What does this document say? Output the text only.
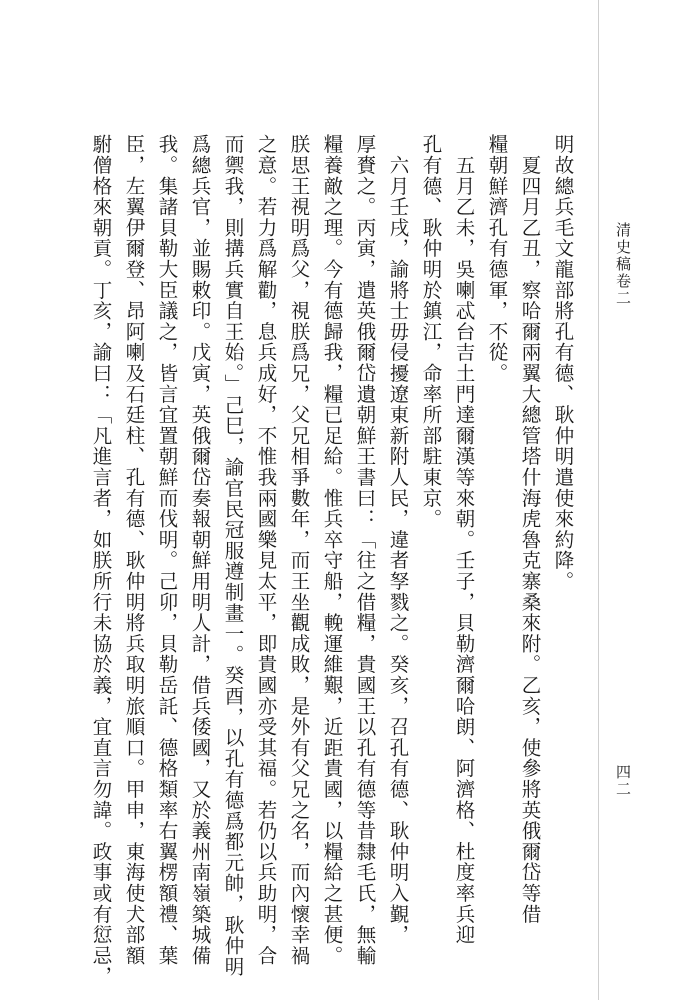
清史稿卷二
四二
明故總兵毛文龍部將孔有德、耿仲明遣使來約降。
　夏四月乙丑，察哈爾兩翼大總管塔什海虎魯克寨桑來附。乙亥，使參將英俄爾岱等借
糧朝鮮濟孔有德軍，不從。
　五月乙未，吳喇忒台吉土門達爾漢等來朝。壬子，貝勒濟爾哈朗、阿濟格、杜度率兵迎
孔有德、耿仲明於鎮江，命率所部駐東京。
　六月壬戌，諭將士毋侵擾遼東新附人民，違者孥戮之。癸亥，召孔有德、耿仲明入覲，
厚賚之。丙寅，遣英俄爾岱遺朝鮮王書曰：「往之借糧，貴國王以孔有德等昔隸毛氏，無輸
糧養敵之理。今有德歸我，糧已足給。惟兵卒守船，輓運維艱，近距貴國，以糧給之甚便。
朕思王視明爲父，視朕爲兄，父兄相爭數年，而王坐觀成敗，是外有父兄之名，而內懷幸禍
之意。若力爲解勸，息兵成好，不惟我兩國樂見太平，即貴國亦受其福。若仍以兵助明，合
而禦我，則搆兵實自王始。」己巳，諭官民冠服遵制畫一。癸酉，以孔有德爲都元帥，耿仲明
爲總兵官，並賜敕印。戊寅，英俄爾岱奏報朝鮮用明人計，借兵倭國，又於義州南嶺築城備
我。集諸貝勒大臣議之，皆言宜置朝鮮而伐明。己卯，貝勒岳託、德格類率右翼楞額禮、葉
臣，左翼伊爾登、昂阿喇及石廷柱、孔有德、耿仲明將兵取明旅順口。甲申，東海使犬部額
駙僧格來朝貢。丁亥，諭曰：「凡進言者，如朕所行未協於義，宜直言勿諱。政事或有愆忌，
